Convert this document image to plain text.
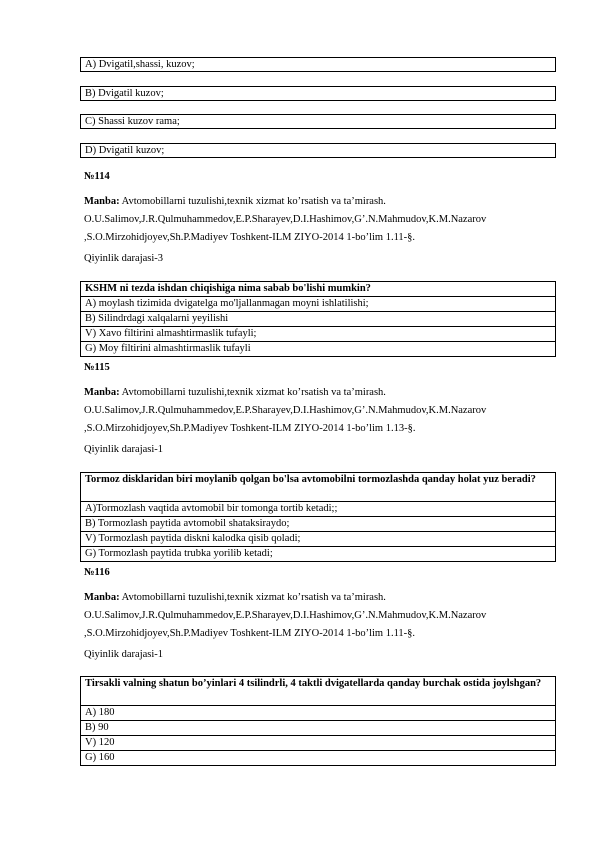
A) Dvigatil,shassi, kuzov;
B) Dvigatil kuzov;
C) Shassi kuzov rama;
D) Dvigatil kuzov;
№114
Manba: Avtomobillarni tuzulishi,texnik xizmat ko’rsatish va ta’mirash.
O.U.Salimov,J.R.Qulmuhammedov,E.P.Sharayev,D.I.Hashimov,G’.N.Mahmudov,K.M.Nazarov
,S.O.Mirzohidjoyev,Sh.P.Madiyev Toshkent-ILM ZIYO-2014 1-bo’lim 1.11-§.
Qiyinlik darajasi-3
KSHM ni tezda ishdan chiqishiga nima sabab bo'lishi mumkin?
A) moylash tizimida dvigatelga mo'ljallanmagan moyni ishlatilishi;
B) Silindrdagi xalqalarni yeyilishi
V) Xavo filtirini almashtirmaslik tufayli;
G) Moy filtirini almashtirmaslik tufayli
№115
Manba: Avtomobillarni tuzulishi,texnik xizmat ko’rsatish va ta’mirash.
O.U.Salimov,J.R.Qulmuhammedov,E.P.Sharayev,D.I.Hashimov,G’.N.Mahmudov,K.M.Nazarov
,S.O.Mirzohidjoyev,Sh.P.Madiyev Toshkent-ILM ZIYO-2014 1-bo’lim 1.13-§.
Qiyinlik darajasi-1
Tormoz disklaridan biri moylanib qolgan bo'lsa avtomobilni tormozlashda qanday holat yuz beradi?
A)Tormozlash vaqtida avtomobil bir tomonga tortib ketadi;;
B) Tormozlash paytida avtomobil shataksiraydo;
V) Tormozlash paytida diskni kalodka qisib qoladi;
G) Tormozlash paytida trubka yorilib ketadi;
№116
Manba: Avtomobillarni tuzulishi,texnik xizmat ko’rsatish va ta’mirash.
O.U.Salimov,J.R.Qulmuhammedov,E.P.Sharayev,D.I.Hashimov,G’.N.Mahmudov,K.M.Nazarov
,S.O.Mirzohidjoyev,Sh.P.Madiyev Toshkent-ILM ZIYO-2014 1-bo’lim 1.11-§.
Qiyinlik darajasi-1
Tirsakli valning shatun bo’yinlari 4 tsilindrli, 4 taktli dvigatellarda qanday burchak ostida joylshgan?
A) 180
B) 90
V) 120
G) 160
